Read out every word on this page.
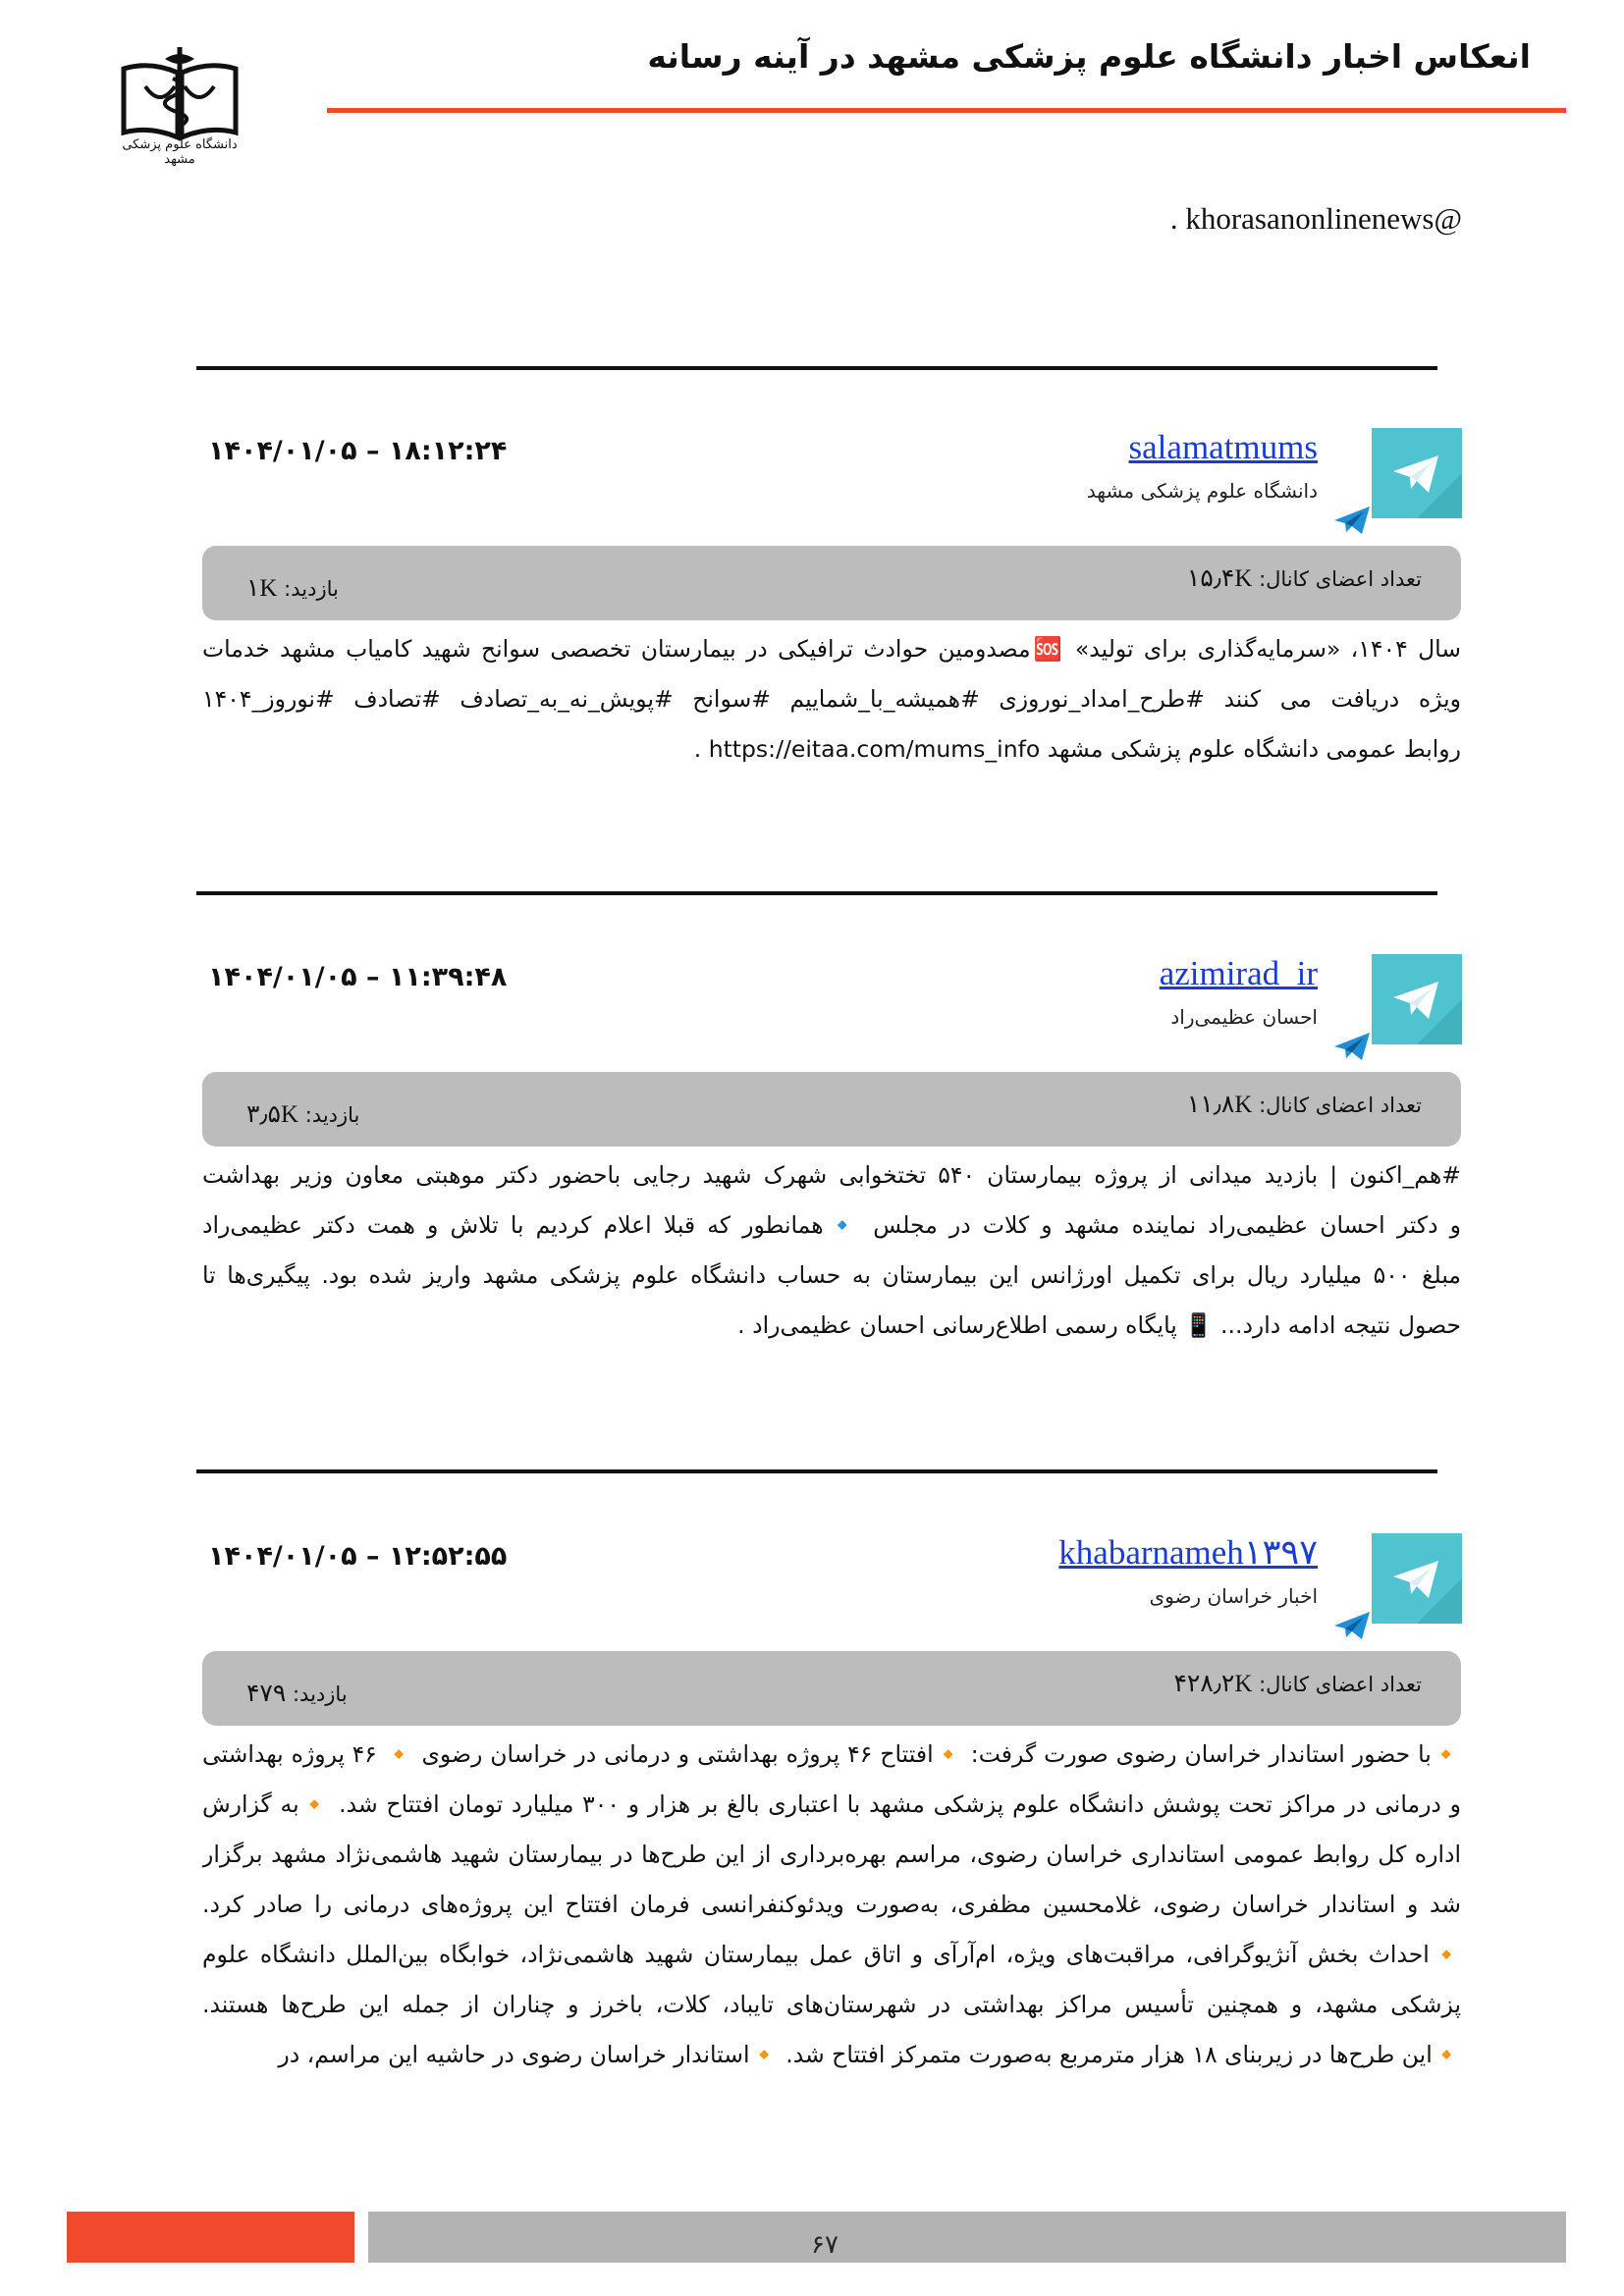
انعکاس اخبار دانشگاه علوم پزشکی مشهد در آینه رسانه
دانشگاه علوم پزشکی مشهد
@khorasanonlinenews .
salamatmums
دانشگاه علوم پزشکی مشهد
۱۴۰۴/۰۱/۰۵ – ۱۸:۱۲:۲۴
تعداد اعضای کانال: ۱۵٫۴K
بازدید: ۱K
سال ۱۴۰۴، «سرمایه‌گذاری برای تولید» 🆘مصدومین حوادث ترافیکی در بیمارستان تخصصی سوانح شهید کامیاب مشهد خدمات
ویژه دریافت می کنند #طرح_امداد_نوروزی #همیشه_با_شماییم #سوانح #پویش_نه_به_تصادف #تصادف #نوروز_۱۴۰۴
روابط عمومی دانشگاه علوم پزشکی مشهد https://eitaa.com/mums_info .
azimirad_ir
احسان عظیمی‌راد
۱۴۰۴/۰۱/۰۵ – ۱۱:۳۹:۴۸
تعداد اعضای کانال: ۱۱٫۸K
بازدید: ۳٫۵K
#هم_اکنون | بازدید میدانی از پروژه بیمارستان ۵۴۰ تختخوابی شهرک شهید رجایی باحضور دکتر موهبتی معاون وزیر بهداشت
و دکتر احسان عظیمی‌راد نماینده مشهد و کلات در مجلس 🔹همانطور که قبلا اعلام کردیم با تلاش و همت دکتر عظیمی‌راد
مبلغ ۵۰۰ میلیارد ریال برای تکمیل اورژانس این بیمارستان به حساب دانشگاه علوم پزشکی مشهد واریز شده بود. پیگیری‌ها تا
حصول نتیجه ادامه دارد... 📱 پایگاه رسمی اطلاع‌رسانی احسان عظیمی‌راد .
khabarnameh۱۳۹۷
اخبار خراسان رضوی
۱۴۰۴/۰۱/۰۵ – ۱۲:۵۲:۵۵
تعداد اعضای کانال: ۴۲۸٫۲K
بازدید: ۴۷۹
🔸با حضور استاندار خراسان رضوی صورت گرفت: 🔸افتتاح ۴۶ پروژه بهداشتی و درمانی در خراسان رضوی 🔸 ۴۶ پروژه بهداشتی
و درمانی در مراکز تحت پوشش دانشگاه علوم پزشکی مشهد با اعتباری بالغ بر هزار و ۳۰۰ میلیارد تومان افتتاح شد. 🔸به گزارش
اداره کل روابط عمومی استانداری خراسان رضوی، مراسم بهره‌برداری از این طرح‌ها در بیمارستان شهید هاشمی‌نژاد مشهد برگزار
شد و استاندار خراسان رضوی، غلامحسین مظفری، به‌صورت ویدئوکنفرانسی فرمان افتتاح این پروژه‌های درمانی را صادر کرد.
🔸احداث بخش آنژیوگرافی، مراقبت‌های ویژه، ام‌آر‌آی و اتاق عمل بیمارستان شهید هاشمی‌نژاد، خوابگاه بین‌الملل دانشگاه علوم
پزشکی مشهد، و همچنین تأسیس مراکز بهداشتی در شهرستان‌های تایباد، کلات، باخرز و چناران از جمله این طرح‌ها هستند.
🔸این طرح‌ها در زیربنای ۱۸ هزار مترمربع به‌صورت متمرکز افتتاح شد. 🔸استاندار خراسان رضوی در حاشیه این مراسم، در
۶۷
